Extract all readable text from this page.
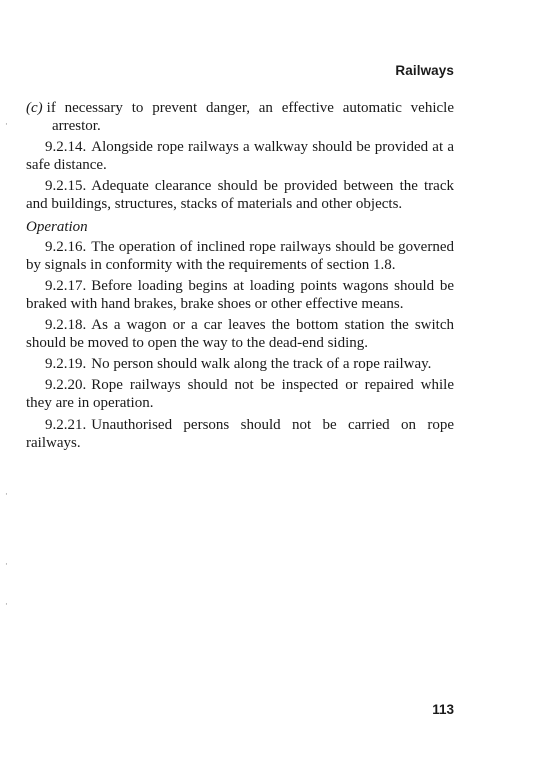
Railways

(c) if necessary to prevent danger, an effective automatic vehicle arrestor.

9.2.14. Alongside rope railways a walkway should be provided at a safe distance.

9.2.15. Adequate clearance should be provided between the track and buildings, structures, stacks of materials and other objects.

Operation

9.2.16. The operation of inclined rope railways should be governed by signals in conformity with the requirements of section 1.8.

9.2.17. Before loading begins at loading points wagons should be braked with hand brakes, brake shoes or other effective means.

9.2.18. As a wagon or a car leaves the bottom station the switch should be moved to open the way to the dead-end siding.

9.2.19. No person should walk along the track of a rope railway.

9.2.20. Rope railways should not be inspected or repaired while they are in operation.

9.2.21. Unauthorised persons should not be carried on rope railways.

113
·
·
·
·
